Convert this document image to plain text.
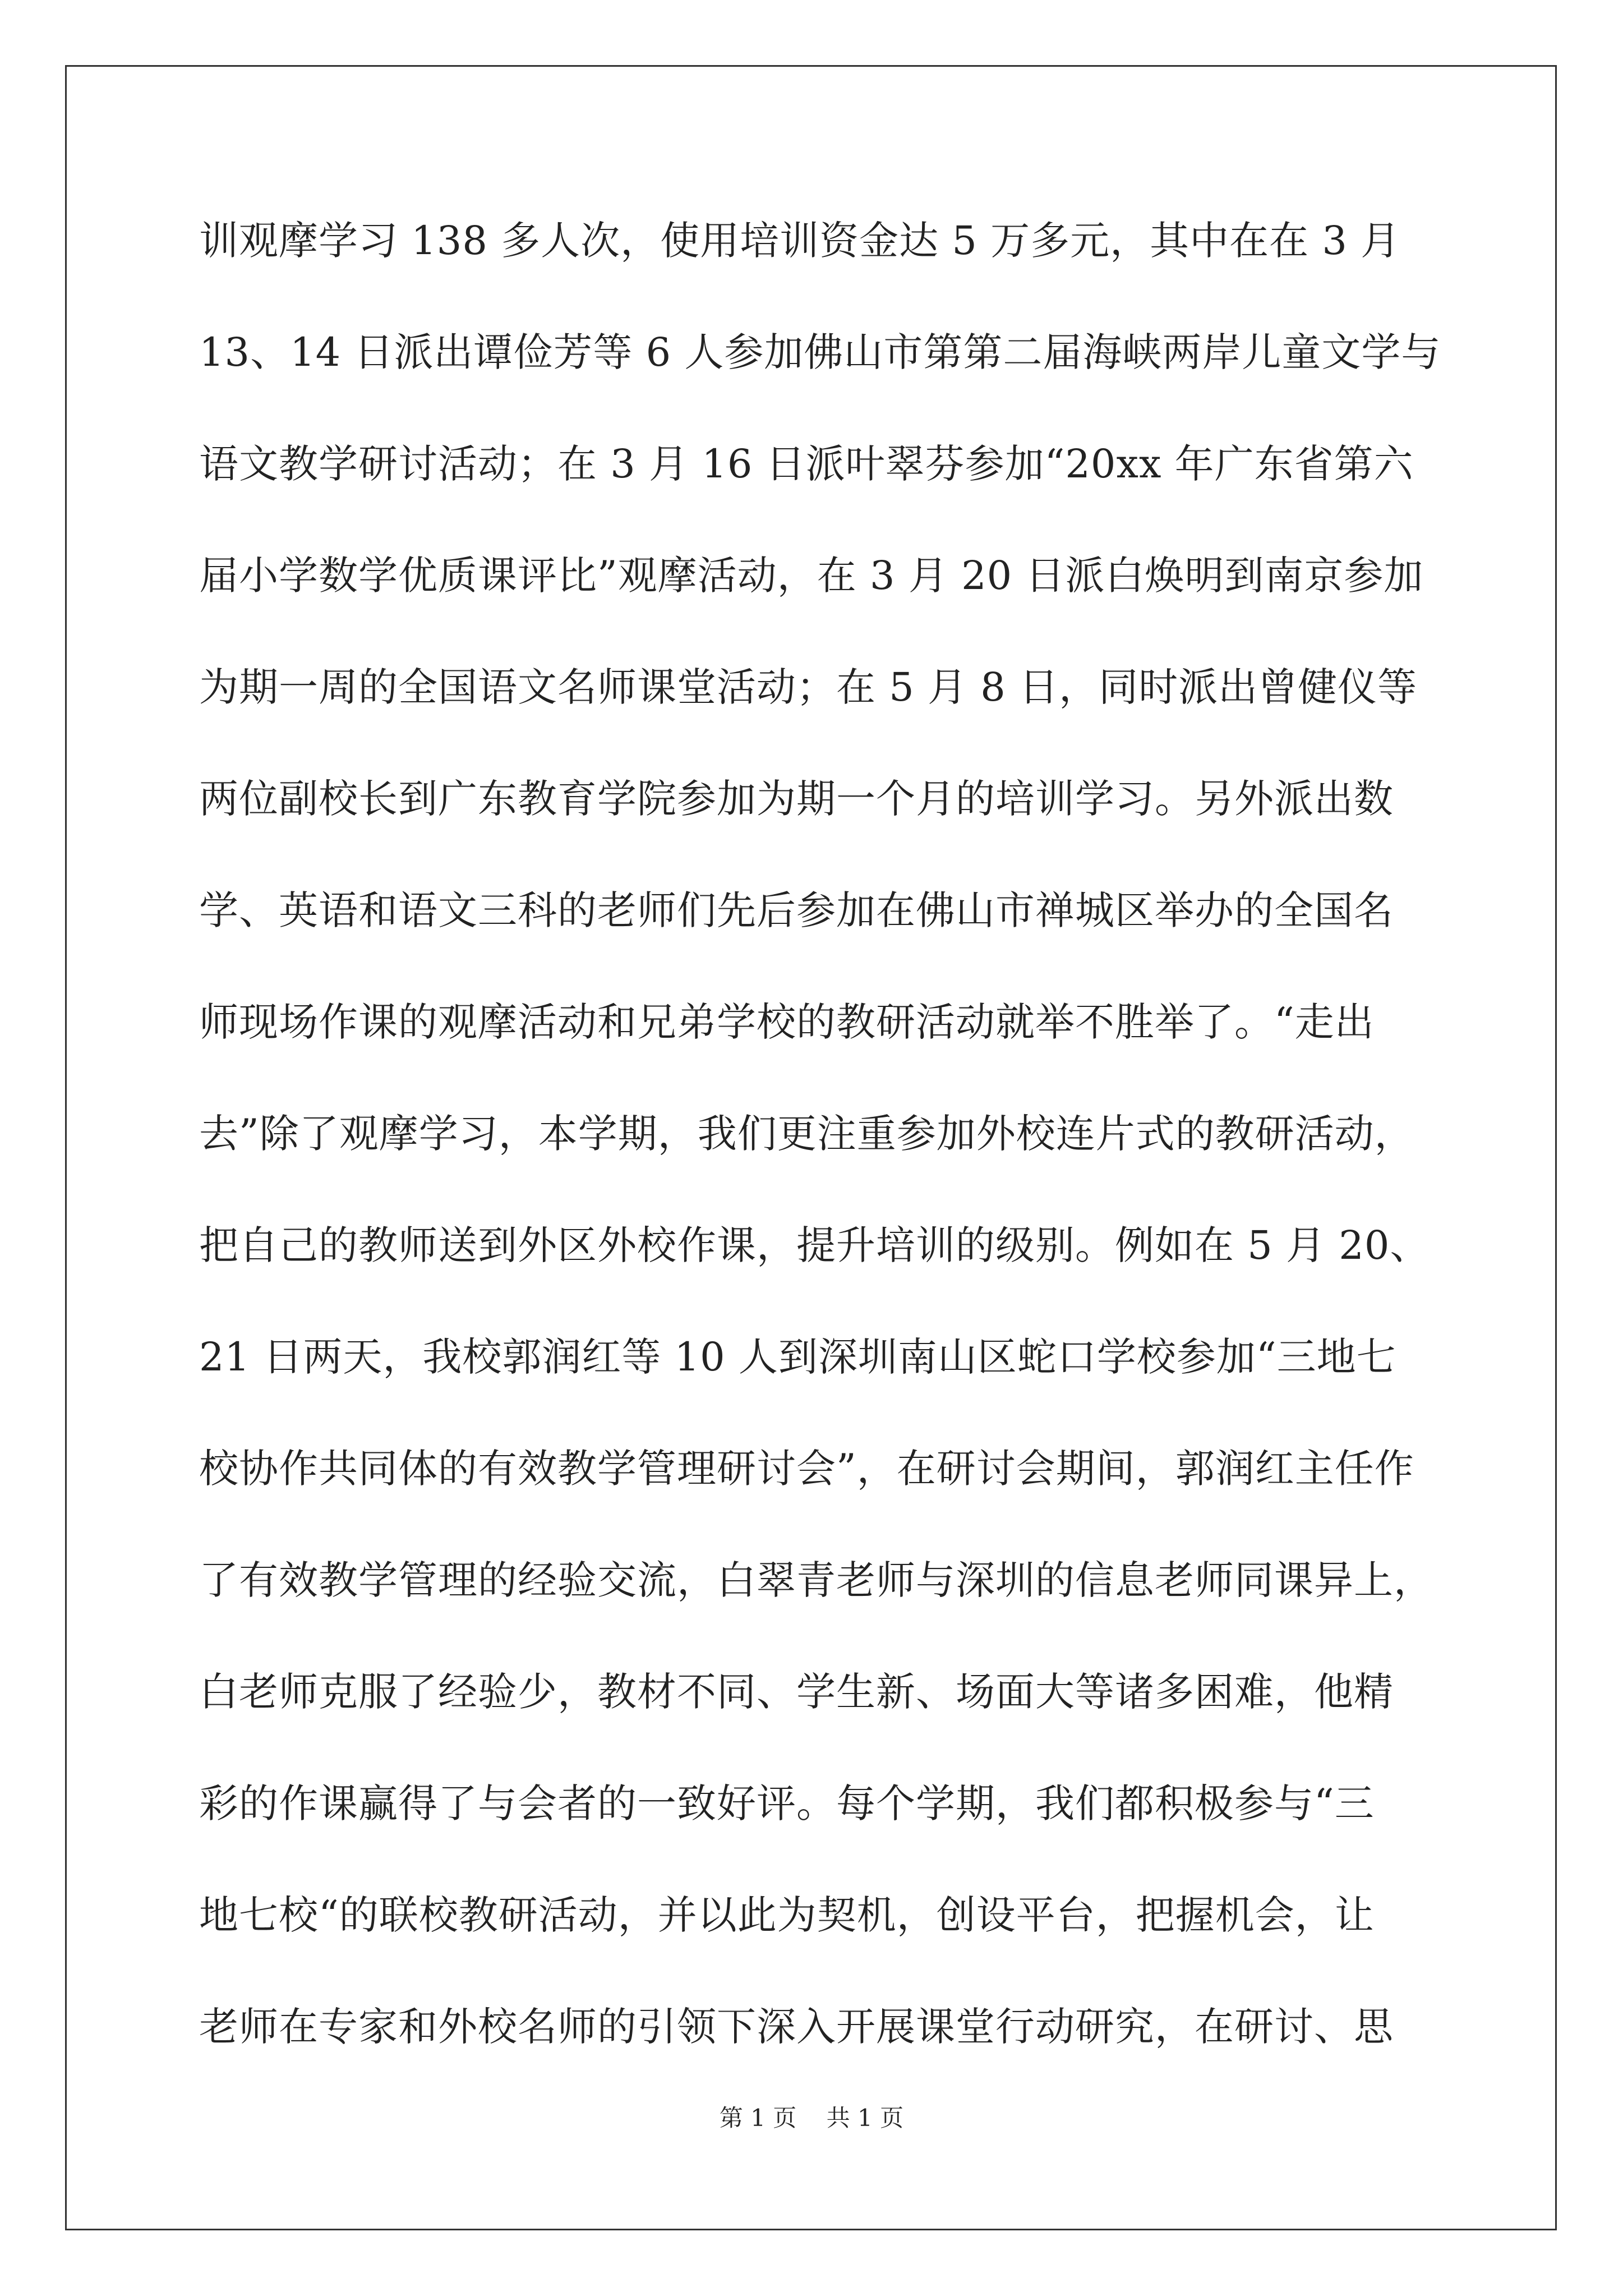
训观摩学习 138 多人次，使用培训资金达 5 万多元，其中在在 3 月
13、14 日派出谭俭芳等 6 人参加佛山市第第二届海峡两岸儿童文学与
语文教学研讨活动；在 3 月 16 日派叶翠芬参加“20xx 年广东省第六
届小学数学优质课评比”观摩活动，在 3 月 20 日派白焕明到南京参加
为期一周的全国语文名师课堂活动；在 5 月 8 日，同时派出曾健仪等
两位副校长到广东教育学院参加为期一个月的培训学习。另外派出数
学、英语和语文三科的老师们先后参加在佛山市禅城区举办的全国名
师现场作课的观摩活动和兄弟学校的教研活动就举不胜举了。“走出
去”除了观摩学习，本学期，我们更注重参加外校连片式的教研活动，
把自己的教师送到外区外校作课，提升培训的级别。例如在 5 月 20、
21 日两天，我校郭润红等 10 人到深圳南山区蛇口学校参加“三地七
校协作共同体的有效教学管理研讨会”，在研讨会期间，郭润红主任作
了有效教学管理的经验交流，白翠青老师与深圳的信息老师同课异上，
白老师克服了经验少，教材不同、学生新、场面大等诸多困难，他精
彩的作课赢得了与会者的一致好评。每个学期，我们都积极参与“三
地七校“的联校教研活动，并以此为契机，创设平台，把握机会，让
老师在专家和外校名师的引领下深入开展课堂行动研究，在研讨、思
第 1 页 共 1 页
